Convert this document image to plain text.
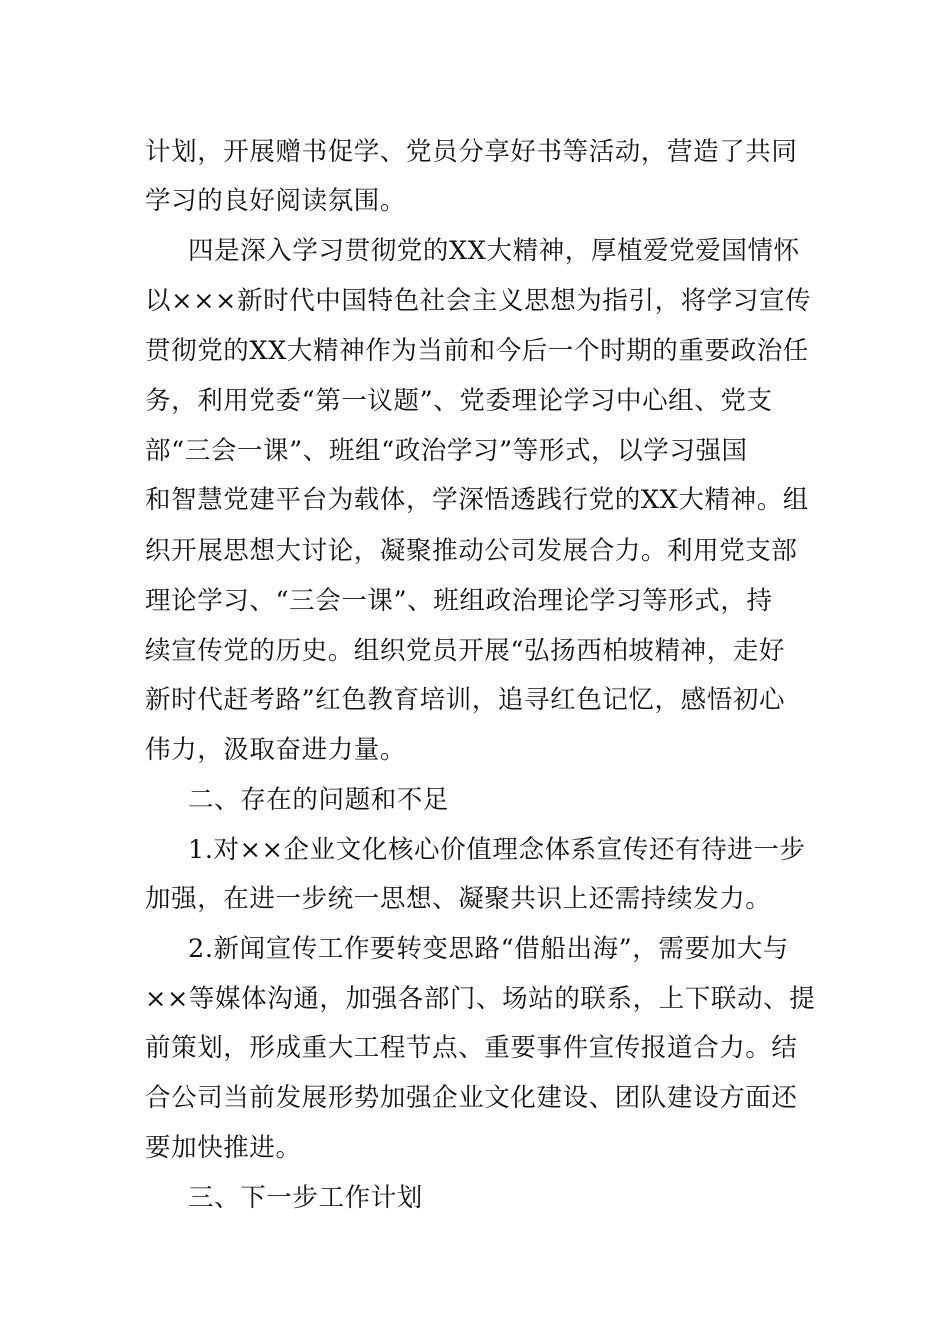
计划，开展赠书促学、党员分享好书等活动，营造了共同
学习的良好阅读氛围。
四是深入学习贯彻党的XX大精神，厚植爱党爱国情怀
以×××新时代中国特色社会主义思想为指引，将学习宣传
贯彻党的XX大精神作为当前和今后一个时期的重要政治任
务，利用党委“第一议题”、党委理论学习中心组、党支
部“三会一课”、班组“政治学习”等形式，以学习强国
和智慧党建平台为载体，学深悟透践行党的XX大精神。组
织开展思想大讨论，凝聚推动公司发展合力。利用党支部
理论学习、“三会一课”、班组政治理论学习等形式，持
续宣传党的历史。组织党员开展“弘扬西柏坡精神，走好
新时代赶考路”红色教育培训，追寻红色记忆，感悟初心
伟力，汲取奋进力量。
二、存在的问题和不足
1.对××企业文化核心价值理念体系宣传还有待进一步
加强，在进一步统一思想、凝聚共识上还需持续发力。
2.新闻宣传工作要转变思路“借船出海”，需要加大与
××等媒体沟通，加强各部门、场站的联系，上下联动、提
前策划，形成重大工程节点、重要事件宣传报道合力。结
合公司当前发展形势加强企业文化建设、团队建设方面还
要加快推进。
三、下一步工作计划
